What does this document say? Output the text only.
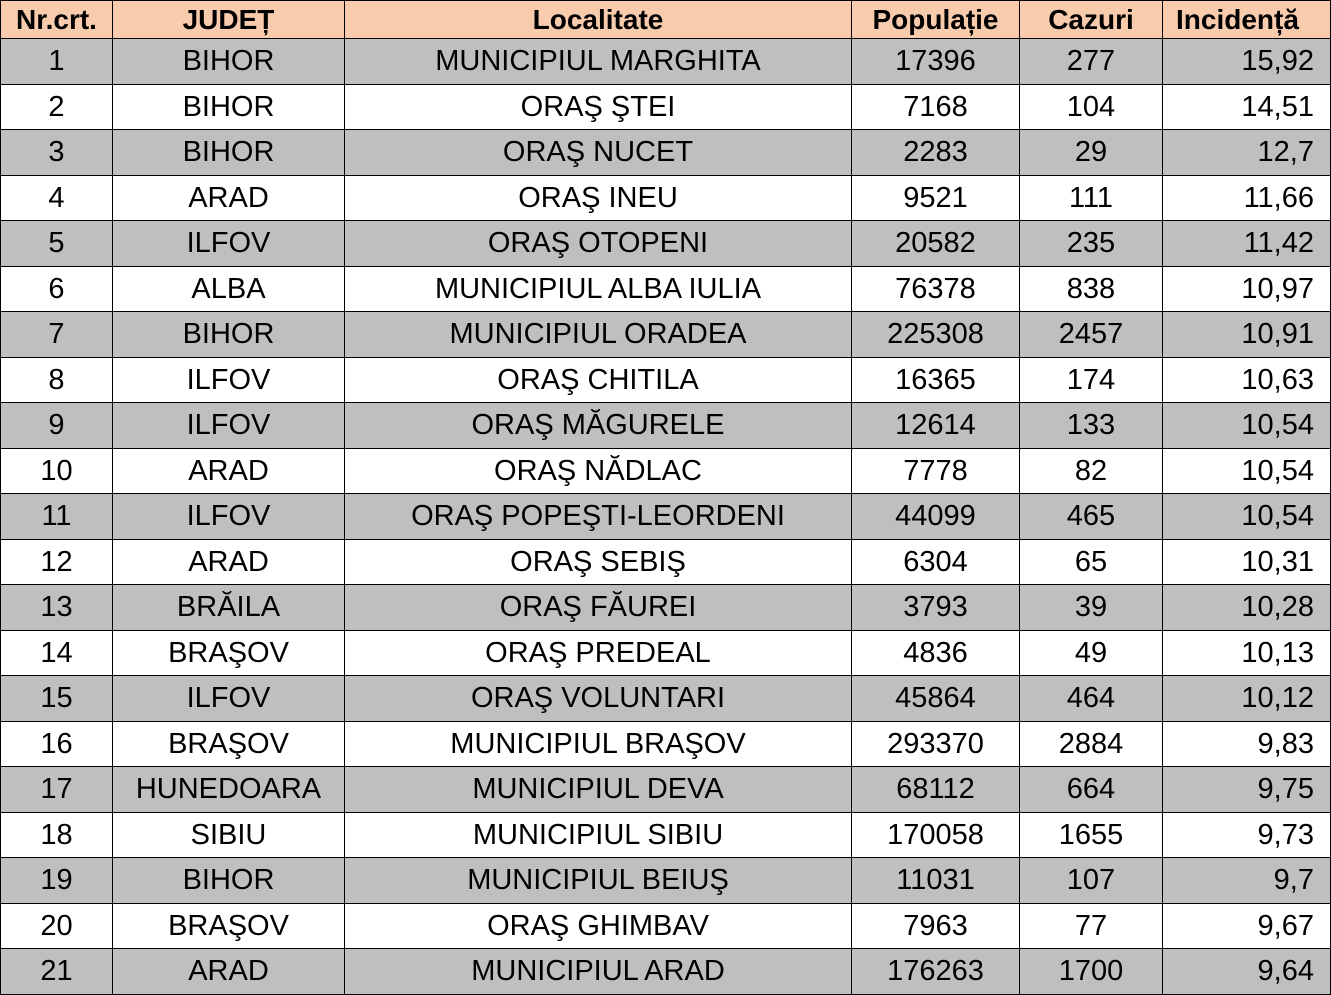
Nr.crt.	JUDEȚ	Localitate	Populație	Cazuri	Incidență
1	BIHOR	MUNICIPIUL MARGHITA	17396	277	15,92
2	BIHOR	ORAŞ ŞTEI	7168	104	14,51
3	BIHOR	ORAŞ NUCET	2283	29	12,7
4	ARAD	ORAŞ INEU	9521	111	11,66
5	ILFOV	ORAŞ OTOPENI	20582	235	11,42
6	ALBA	MUNICIPIUL ALBA IULIA	76378	838	10,97
7	BIHOR	MUNICIPIUL ORADEA	225308	2457	10,91
8	ILFOV	ORAŞ CHITILA	16365	174	10,63
9	ILFOV	ORAŞ MĂGURELE	12614	133	10,54
10	ARAD	ORAŞ NĂDLAC	7778	82	10,54
11	ILFOV	ORAŞ POPEŞTI-LEORDENI	44099	465	10,54
12	ARAD	ORAŞ SEBIŞ	6304	65	10,31
13	BRĂILA	ORAŞ FĂUREI	3793	39	10,28
14	BRAŞOV	ORAŞ PREDEAL	4836	49	10,13
15	ILFOV	ORAŞ VOLUNTARI	45864	464	10,12
16	BRAŞOV	MUNICIPIUL BRAŞOV	293370	2884	9,83
17	HUNEDOARA	MUNICIPIUL DEVA	68112	664	9,75
18	SIBIU	MUNICIPIUL SIBIU	170058	1655	9,73
19	BIHOR	MUNICIPIUL BEIUŞ	11031	107	9,7
20	BRAŞOV	ORAŞ GHIMBAV	7963	77	9,67
21	ARAD	MUNICIPIUL ARAD	176263	1700	9,64
